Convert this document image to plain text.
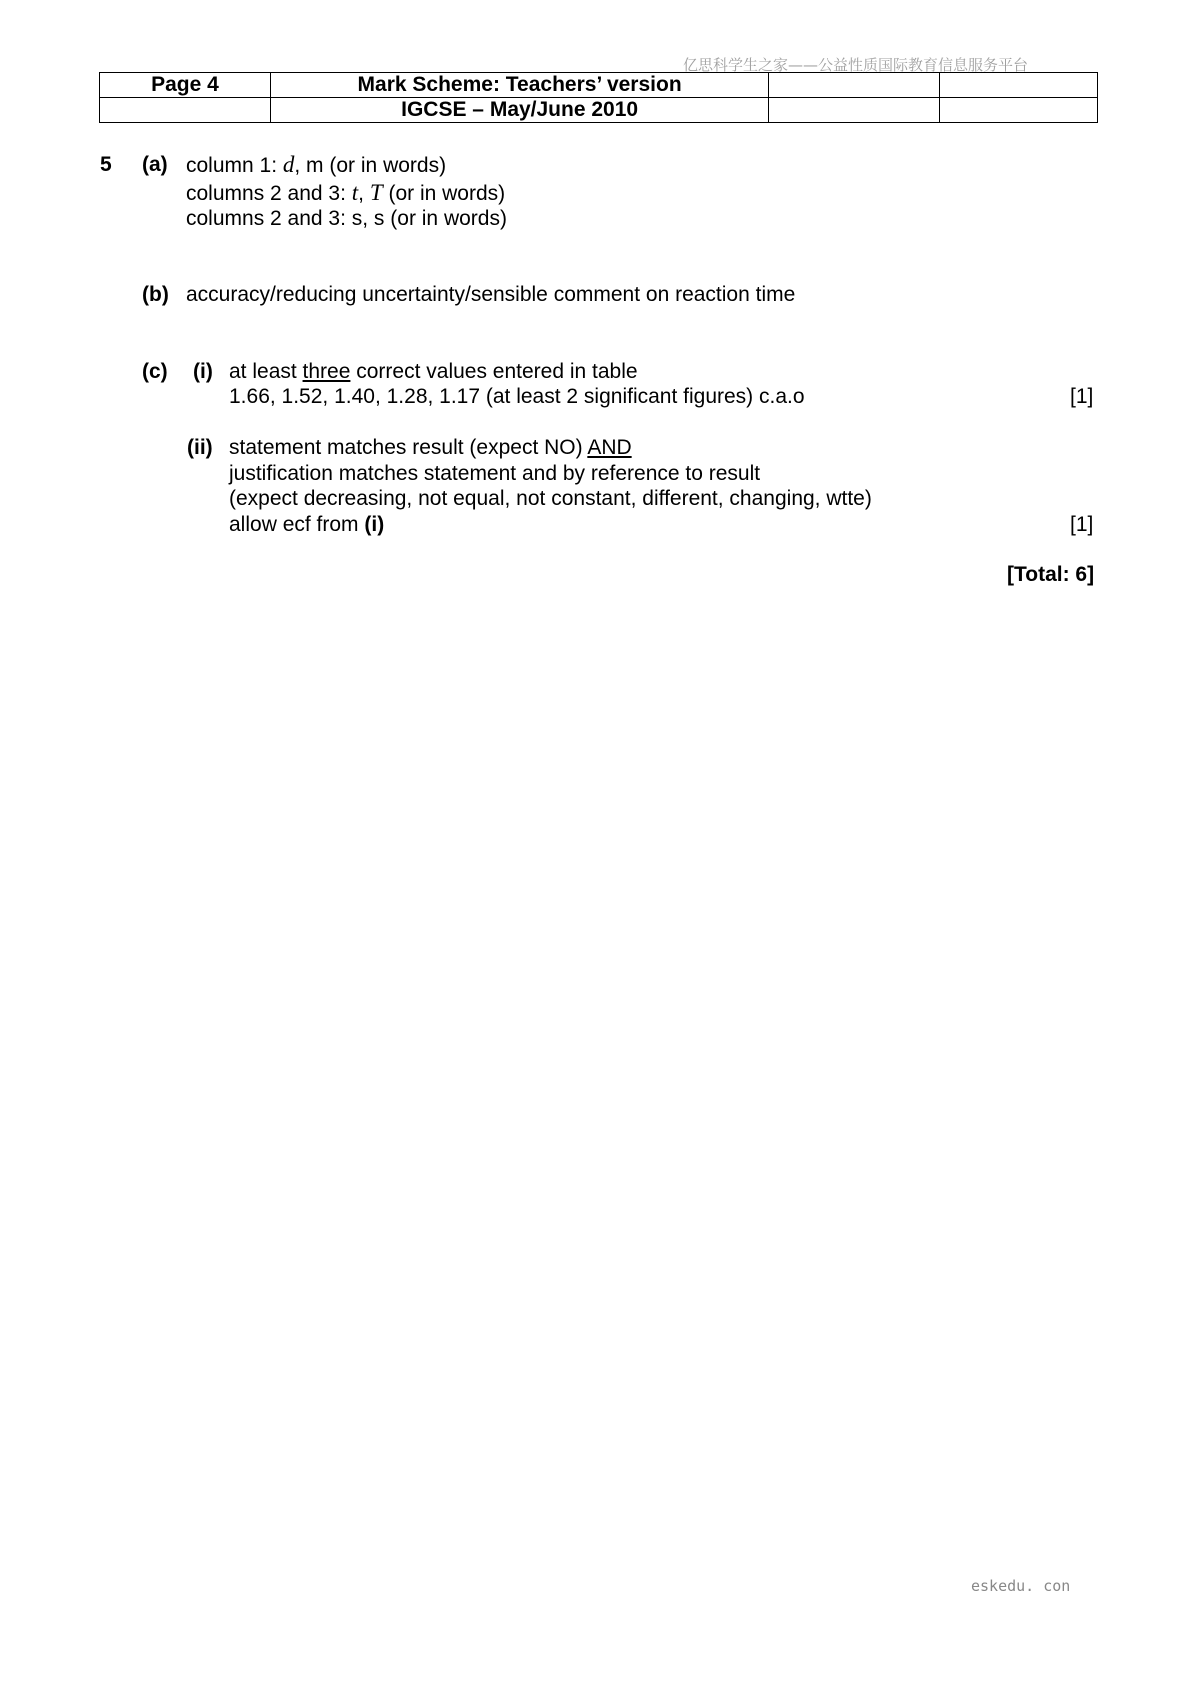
亿思科学生之家——公益性质国际教育信息服务平台
Page 4	Mark Scheme: Teachers’ version		
	IGCSE – May/June 2010		
5 (a) column 1: d, m (or in words)
columns 2 and 3: t, T (or in words)
columns 2 and 3: s, s (or in words)
(b) accuracy/reducing uncertainty/sensible comment on reaction time
(c) (i) at least three correct values entered in table
1.66, 1.52, 1.40, 1.28, 1.17 (at least 2 significant figures) c.a.o	[1]
(ii) statement matches result (expect NO) AND
justification matches statement and by reference to result
(expect decreasing, not equal, not constant, different, changing, wtte)
allow ecf from (i)	[1]
[Total: 6]
eskedu. con
